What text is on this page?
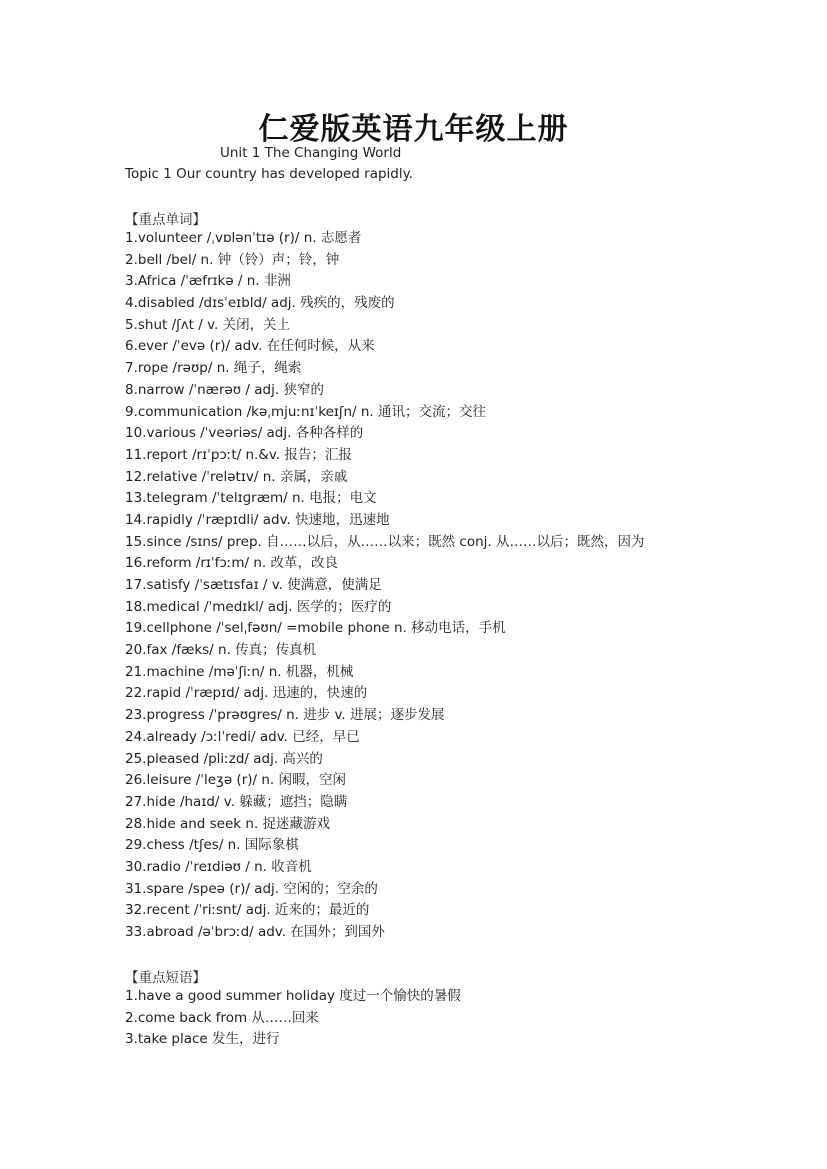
仁爱版英语九年级上册
Unit 1 The Changing World
Topic 1 Our country has developed rapidly.
【重点单词】
1.volunteer /ˌvɒlənˈtɪə (r)/ n. 志愿者
2.bell /bel/ n. 钟（铃）声；铃，钟
3.Africa /ˈæfrɪkə / n. 非洲
4.disabled /dɪsˈeɪbld/ adj. 残疾的，残废的
5.shut /ʃʌt / v. 关闭，关上
6.ever /ˈevə (r)/ adv. 在任何时候，从来
7.rope /rəʊp/ n. 绳子，绳索
8.narrow /ˈnærəʊ / adj. 狭窄的
9.communication /kəˌmjuːnɪˈkeɪʃn/ n. 通讯；交流；交往
10.various /ˈveəriəs/ adj. 各种各样的
11.report /rɪˈpɔːt/ n.&v. 报告；汇报
12.relative /ˈrelətɪv/ n. 亲属，亲戚
13.telegram /ˈtelɪɡræm/ n. 电报；电文
14.rapidly /ˈræpɪdli/ adv. 快速地，迅速地
15.since /sɪns/ prep. 自……以后，从……以来；既然 conj. 从……以后；既然，因为
16.reform /rɪˈfɔːm/ n. 改革，改良
17.satisfy /ˈsætɪsfaɪ / v. 使满意，使满足
18.medical /ˈmedɪkl/ adj. 医学的；医疗的
19.cellphone /ˈselˌfəʊn/ =mobile phone n. 移动电话，手机
20.fax /fæks/ n. 传真；传真机
21.machine /məˈʃiːn/ n. 机器，机械
22.rapid /ˈræpɪd/ adj. 迅速的，快速的
23.progress /ˈprəʊɡres/ n. 进步 v. 进展；逐步发展
24.already /ɔːlˈredi/ adv. 已经，早已
25.pleased /pliːzd/ adj. 高兴的
26.leisure /ˈleʒə (r)/ n. 闲暇，空闲
27.hide /haɪd/ v. 躲藏；遮挡；隐瞒
28.hide and seek n. 捉迷藏游戏
29.chess /tʃes/ n. 国际象棋
30.radio /ˈreɪdiəʊ / n. 收音机
31.spare /speə (r)/ adj. 空闲的；空余的
32.recent /ˈriːsnt/ adj. 近来的；最近的
33.abroad /əˈbrɔːd/ adv. 在国外；到国外
【重点短语】
1.have a good summer holiday 度过一个愉快的暑假
2.come back from 从……回来
3.take place 发生，进行
